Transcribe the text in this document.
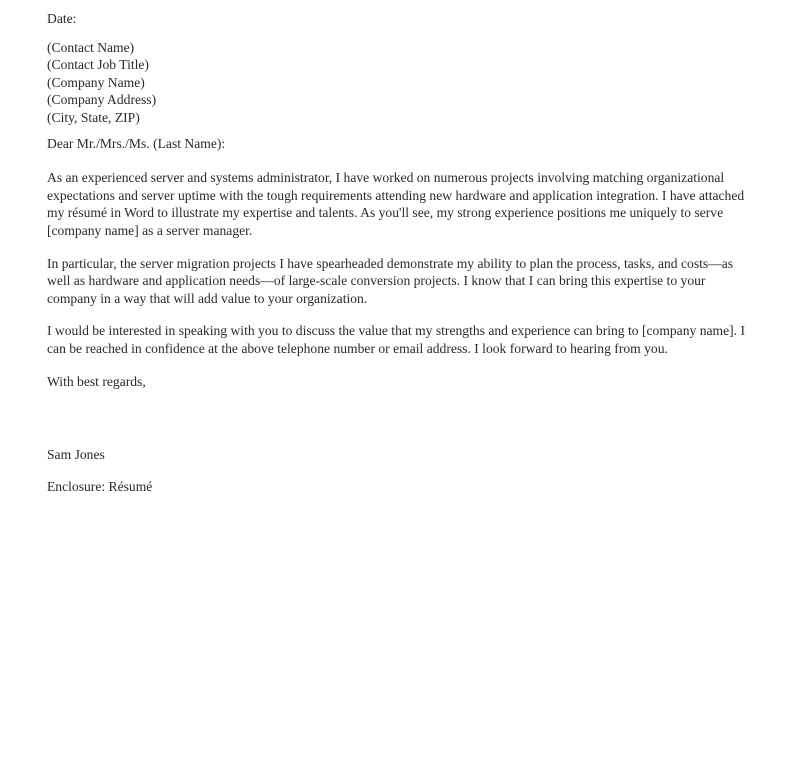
Date:

(Contact Name)
(Contact Job Title)
(Company Name)
(Company Address)
(City, State, ZIP)

Dear Mr./Mrs./Ms. (Last Name):

As an experienced server and systems administrator, I have worked on numerous projects involving matching organizational expectations and server uptime with the tough requirements attending new hardware and application integration. I have attached my résumé in Word to illustrate my expertise and talents. As you'll see, my strong experience positions me uniquely to serve [company name] as a server manager.

In particular, the server migration projects I have spearheaded demonstrate my ability to plan the process, tasks, and costs—as well as hardware and application needs—of large-scale conversion projects. I know that I can bring this expertise to your company in a way that will add value to your organization.

I would be interested in speaking with you to discuss the value that my strengths and experience can bring to [company name]. I can be reached in confidence at the above telephone number or email address. I look forward to hearing from you.

With best regards,

Sam Jones

Enclosure: Résumé
